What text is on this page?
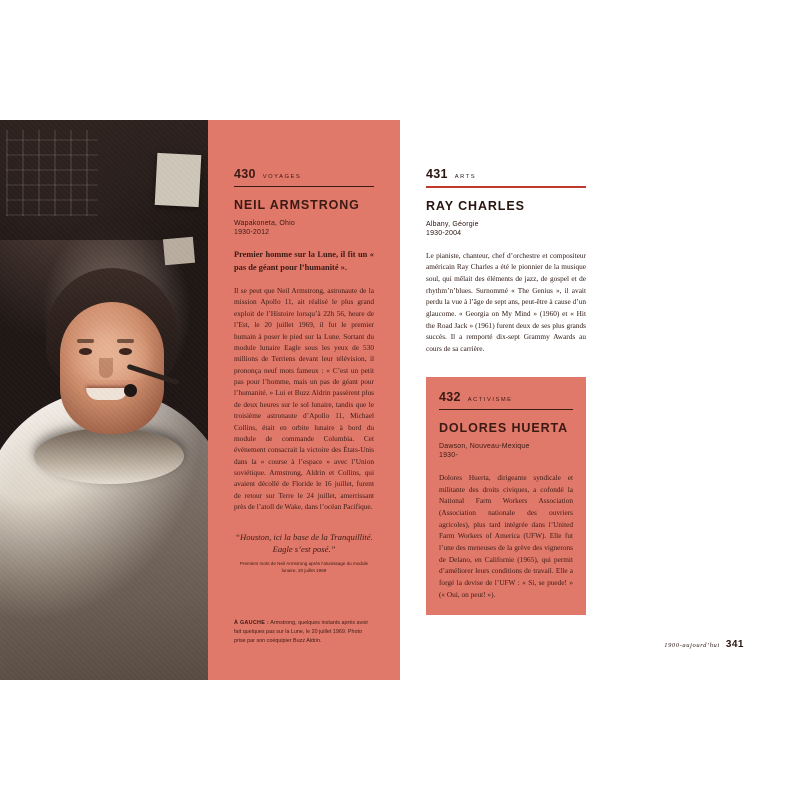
430 VOYAGES
NEIL ARMSTRONG

Wapakoneta, Ohio

1930-2012

Premier homme sur la Lune, il fit un « pas de géant pour l’humanité ».

Il se peut que Neil Armstrong, astronaute de la mission Apollo 11, ait réalisé le plus grand exploit de l’Histoire lorsqu’à 22h 56, heure de l’Est, le 20 juillet 1969, il fut le premier humain à poser le pied sur la Lune. Sortant du module lunaire Eagle sous les yeux de 530 millions de Terriens devant leur télévision, il prononça neuf mots fameux : « C’est un petit pas pour l’homme, mais un pas de géant pour l’humanité. » Lui et Buzz Aldrin passèrent plus de deux heures sur le sol lunaire, tandis que le troisième astronaute d’Apollo 11, Michael Collins, était en orbite lunaire à bord du module de commande Columbia. Cet événement consacrait la victoire des États-Unis dans la « course à l’espace » avec l’Union soviétique. Armstrong, Aldrin et Collins, qui avaient décollé de Floride le 16 juillet, furent de retour sur Terre le 24 juillet, amerrissant près de l’atoll de Wake, dans l’océan Pacifique.

“Houston, ici la base de la Tranquillité. Eagle s’est posé.”

Premiers mots de Neil Armstrong après l’alunissage du module lunaire, 20 juillet 1969

À GAUCHE : Armstrong, quelques instants après avoir fait quelques pas sur la Lune, le 20 juillet 1969. Photo prise par son coéquipier Buzz Aldrin.

431 ARTS
RAY CHARLES

Albany, Géorgie

1930-2004

Le pianiste, chanteur, chef d’orchestre et compositeur américain Ray Charles a été le pionnier de la musique soul, qui mêlait des éléments de jazz, de gospel et de rhythm’n’blues. Surnommé « The Genius », il avait perdu la vue à l’âge de sept ans, peut-être à cause d’un glaucome. « Georgia on My Mind » (1960) et « Hit the Road Jack » (1961) furent deux de ses plus grands succès. Il a remporté dix-sept Grammy Awards au cours de sa carrière.

432 ACTIVISME
DOLORES HUERTA

Dawson, Nouveau-Mexique

1930-

Dolores Huerta, dirigeante syndicale et militante des droits civiques, a cofondé la National Farm Workers Association (Association nationale des ouvriers agricoles), plus tard intégrée dans l’United Farm Workers of America (UFW). Elle fut l’une des meneuses de la grève des vignerons de Delano, en Californie (1965), qui permit d’améliorer leurs conditions de travail. Elle a forgé la devise de l’UFW : « Sí, se puede! » (« Oui, on peut! »).

1900-aujourd’hui 341
